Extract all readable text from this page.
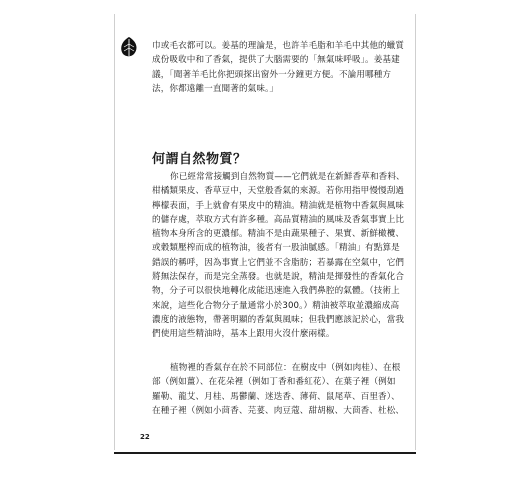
巾或毛衣都可以。姜基的理論是，也許羊毛脂和羊毛中其他的蠟質

成份吸收中和了香氣，提供了大腦需要的「無氣味呼吸」。姜基建

議，「聞著羊毛比你把頭探出窗外一分鐘更方便。不論用哪種方

法，你都遠離一直聞著的氣味。」

何謂自然物質？

你已經常常接觸到自然物質——它們就是在新鮮香草和香料、

柑橘類果皮、香草豆中，天堂般香氣的來源。若你用指甲慢慢刮過

檸檬表面，手上就會有果皮中的精油。精油就是植物中香氣與風味

的儲存處，萃取方式有許多種。高品質精油的風味及香氣事實上比

植物本身所含的更濃郁。精油不是由蔬果種子、果實、新鮮橄欖、

或穀類壓榨而成的植物油，後者有一股油膩感。「精油」有點算是

錯誤的稱呼，因為事實上它們並不含脂肪；若暴露在空氣中，它們

將無法保存，而是完全蒸發。也就是說，精油是揮發性的香氣化合

物，分子可以很快地轉化成能迅速進入我們鼻腔的氣體。（技術上

來說，這些化合物分子量通常小於300。）精油被萃取並濃縮成高

濃度的液態物，帶著明顯的香氣與風味；但我們應該記於心，當我

們使用這些精油時，基本上跟用火沒什麼兩樣。

植物裡的香氣存在於不同部位：在樹皮中（例如肉桂）、在根

部（例如薑）、在花朵裡（例如丁香和番紅花）、在葉子裡（例如

羅勒、龍艾、月桂、馬鬱蘭、迷迭香、薄荷、鼠尾草、百里香）、

在種子裡（例如小茴香、芫荽、肉豆蔻、甜胡椒、大茴香、杜松、

22
